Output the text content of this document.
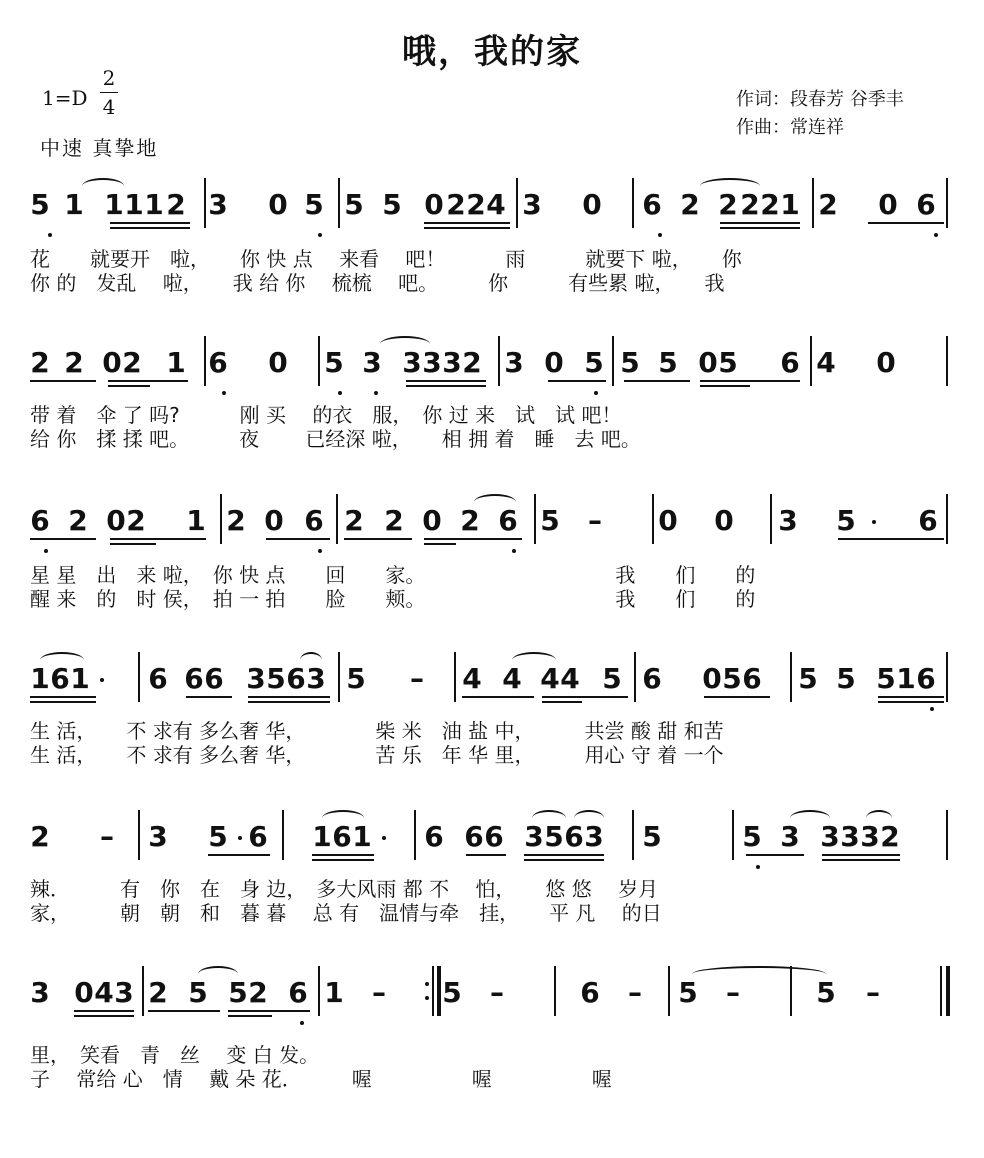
哦，我的家
1=D
2
4
中速 真挚地
作词：段春芳 谷季丰
作曲：常连祥
5 1 1 1 1 2 3 0 5 5 5 0 2 2 4 3 0 6 2 2 2 2 1 2 0 6
花　　就要开　啦，　　你 快 点　 来看　 吧！　　　雨　　　就要下 啦，　　你
你 的　发乱　 啦，　　我 给 你　 梳梳　 吧。　　　你　　　有些累 啦，　　我
2 2 0 2 1 6 0 5 3 3 3 3 2 3 0 5 5 5 0 5 6 4 0
带 着　伞 了 吗?　　　刚 买　 的衣　服，　你 过 来　试　试 吧！
给 你　揉 揉 吧。　　　夜　　 已经深 啦，　　相 拥 着　睡　去 吧。
6 2 0 2 1 2 0 6 2 2 0 2 6 5 – 0 0 3 5 6
星 星　出　来 啦，　你 快 点　　回　　家。　　　　　　　　　　我　　们　　的
醒 来　的　时 侯，　拍 一 拍　　脸　　颊。　　　　　　　　　　我　　们　　的
1 6 1 6 6 6 3 5 6 3 5 – 4 4 4 4 5 6 0 5 6 5 5 5 1 6
生 活，　　不 求有 多么奢 华，　　　　柴 米　油 盐 中，　　　共尝 酸 甜 和苦
生 活，　　不 求有 多么奢 华，　　　　苦 乐　年 华 里，　　　用心 守 着 一个
2 – 3 5 6 1 6 1 6 6 6 3 5 6 3 5	5 3 3 3 3 2
辣．　　　有　你　在　身 边，　多大风雨 都 不　 怕，　　悠 悠　 岁月
家，　　　朝　朝　和　暮 暮　 总 有　温情与牵　挂，　　平 凡　 的日
3 0 4 3 2 5 5 2 6 1 – 5 –	6 – 5 –	5 –
里，　笑看　青　丝　 变 白 发。
子　 常给 心　情　 戴 朵 花．　　　喔　　　　　喔　　　　　喔
